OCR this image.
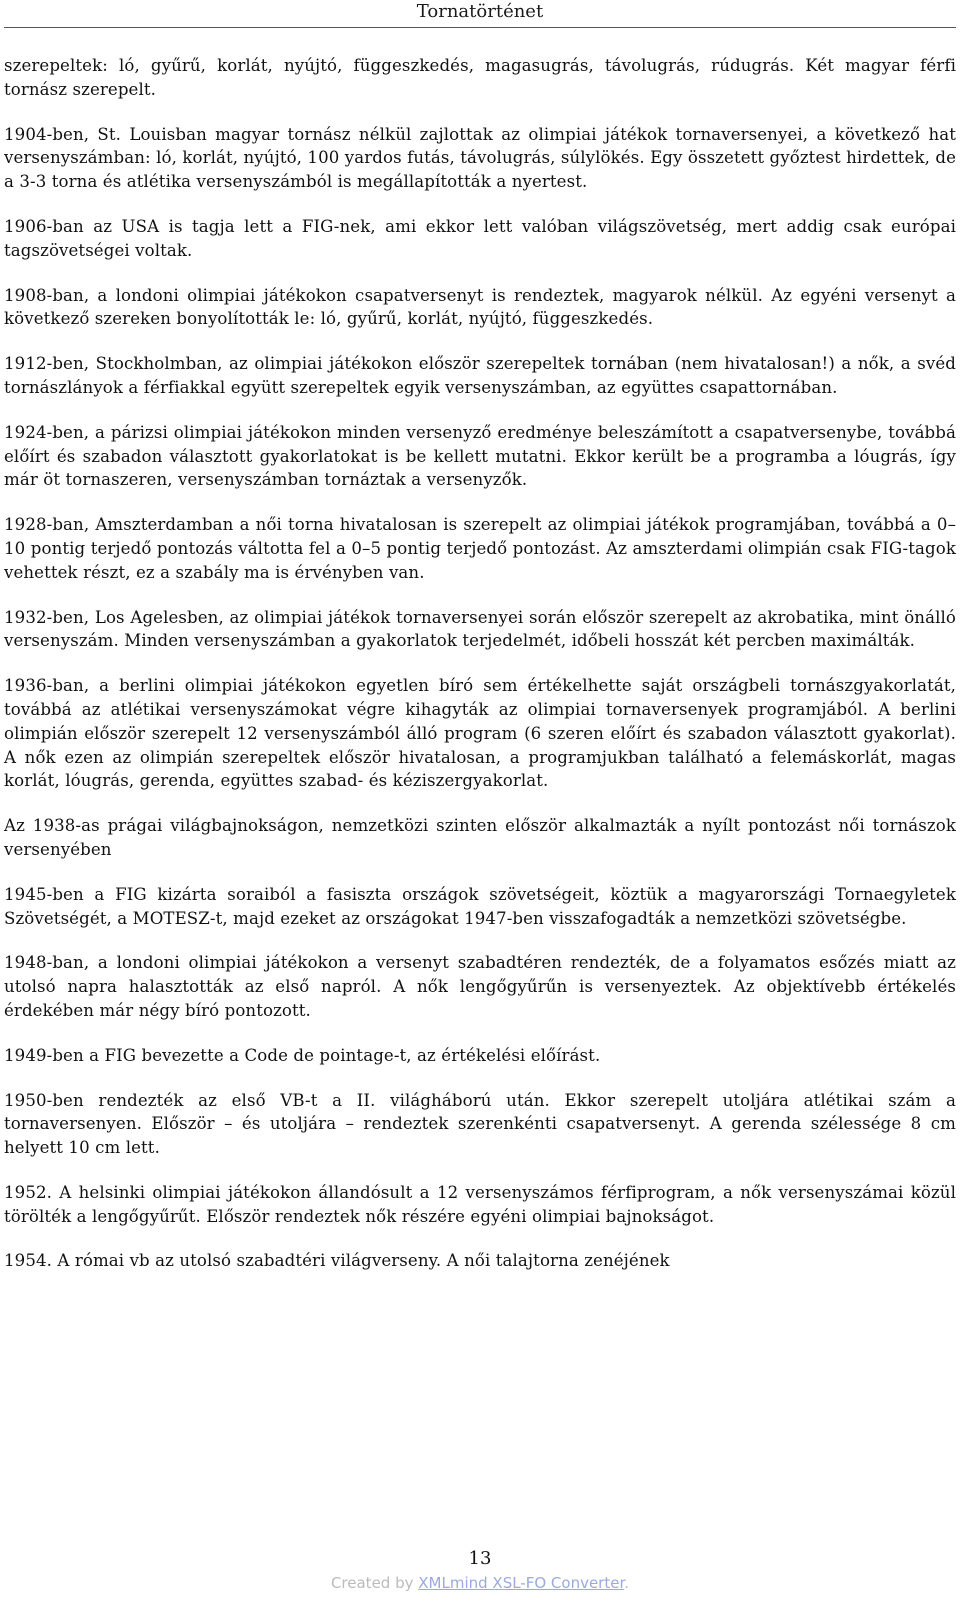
Tornatörténet

szerepeltek: ló, gyűrű, korlát, nyújtó, függeszkedés, magasugrás, távolugrás, rúdugrás. Két magyar férfi tornász szerepelt.

1904-ben, St. Louisban magyar tornász nélkül zajlottak az olimpiai játékok tornaversenyei, a következő hat versenyszámban: ló, korlát, nyújtó, 100 yardos futás, távolugrás, súlylökés. Egy összetett győztest hirdettek, de a 3-3 torna és atlétika versenyszámból is megállapították a nyertest.

1906-ban az USA is tagja lett a FIG-nek, ami ekkor lett valóban világszövetség, mert addig csak európai tagszövetségei voltak.

1908-ban, a londoni olimpiai játékokon csapatversenyt is rendeztek, magyarok nélkül. Az egyéni versenyt a következő szereken bonyolították le: ló, gyűrű, korlát, nyújtó, függeszkedés.

1912-ben, Stockholmban, az olimpiai játékokon először szerepeltek tornában (nem hivatalosan!) a nők, a svéd tornászlányok a férfiakkal együtt szerepeltek egyik versenyszámban, az együttes csapattornában.

1924-ben, a párizsi olimpiai játékokon minden versenyző eredménye beleszámított a csapatversenybe, továbbá előírt és szabadon választott gyakorlatokat is be kellett mutatni. Ekkor került be a programba a lóugrás, így már öt tornaszeren, versenyszámban tornáztak a versenyzők.

1928-ban, Amszterdamban a női torna hivatalosan is szerepelt az olimpiai játékok programjában, továbbá a 0–10 pontig terjedő pontozás váltotta fel a 0–5 pontig terjedő pontozást. Az amszterdami olimpián csak FIG-tagok vehettek részt, ez a szabály ma is érvényben van.

1932-ben, Los Agelesben, az olimpiai játékok tornaversenyei során először szerepelt az akrobatika, mint önálló versenyszám. Minden versenyszámban a gyakorlatok terjedelmét, időbeli hosszát két percben maximálták.

1936-ban, a berlini olimpiai játékokon egyetlen bíró sem értékelhette saját országbeli tornászgyakorlatát, továbbá az atlétikai versenyszámokat végre kihagyták az olimpiai tornaversenyek programjából. A berlini olimpián először szerepelt 12 versenyszámból álló program (6 szeren előírt és szabadon választott gyakorlat). A nők ezen az olimpián szerepeltek először hivatalosan, a programjukban található a felemáskorlát, magas korlát, lóugrás, gerenda, együttes szabad- és kéziszergyakorlat.

Az 1938-as prágai világbajnokságon, nemzetközi szinten először alkalmazták a nyílt pontozást női tornászok versenyében

1945-ben a FIG kizárta soraiból a fasiszta országok szövetségeit, köztük a magyarországi Tornaegyletek Szövetségét, a MOTESZ-t, majd ezeket az országokat 1947-ben visszafogadták a nemzetközi szövetségbe.

1948-ban, a londoni olimpiai játékokon a versenyt szabadtéren rendezték, de a folyamatos esőzés miatt az utolsó napra halasztották az első napról. A nők lengőgyűrűn is versenyeztek. Az objektívebb értékelés érdekében már négy bíró pontozott.

1949-ben a FIG bevezette a Code de pointage-t, az értékelési előírást.

1950-ben rendezték az első VB-t a II. világháború után. Ekkor szerepelt utoljára atlétikai szám a tornaversenyen. Először – és utoljára – rendeztek szerenkénti csapatversenyt. A gerenda szélessége 8 cm helyett 10 cm lett.

1952. A helsinki olimpiai játékokon állandósult a 12 versenyszámos férfiprogram, a nők versenyszámai közül törölték a lengőgyűrűt. Először rendeztek nők részére egyéni olimpiai bajnokságot.

1954. A római vb az utolsó szabadtéri világverseny. A női talajtorna zenéjének

13
Created by XMLmind XSL-FO Converter.
